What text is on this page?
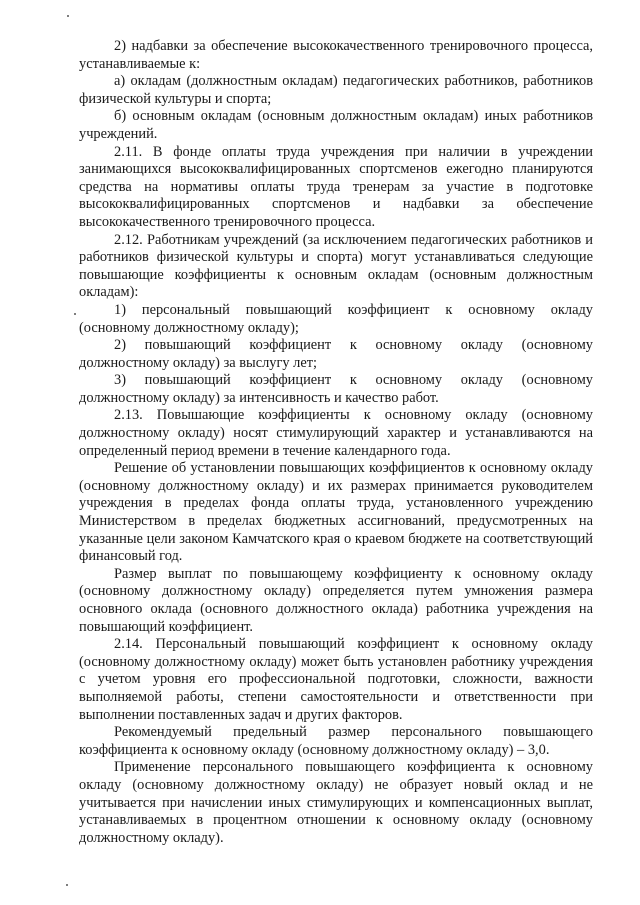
2) надбавки за обеспечение высококачественного тренировочного процесса, устанавливаемые к:

а) окладам (должностным окладам) педагогических работников, работников физической культуры и спорта;

б) основным окладам (основным должностным окладам) иных работников учреждений.

2.11. В фонде оплаты труда учреждения при наличии в учреждении занимающихся высококвалифицированных спортсменов ежегодно планируются средства на нормативы оплаты труда тренерам за участие в подготовке высококвалифицированных спортсменов и надбавки за обеспечение высококачественного тренировочного процесса.

2.12. Работникам учреждений (за исключением педагогических работников и работников физической культуры и спорта) могут устанавливаться следующие повышающие коэффициенты к основным окладам (основным должностным окладам):

1) персональный повышающий коэффициент к основному окладу (основному должностному окладу);

2) повышающий коэффициент к основному окладу (основному должностному окладу) за выслугу лет;

3) повышающий коэффициент к основному окладу (основному должностному окладу) за интенсивность и качество работ.

2.13. Повышающие коэффициенты к основному окладу (основному должностному окладу) носят стимулирующий характер и устанавливаются на определенный период времени в течение календарного года.

Решение об установлении повышающих коэффициентов к основному окладу (основному должностному окладу) и их размерах принимается руководителем учреждения в пределах фонда оплаты труда, установленного учреждению Министерством в пределах бюджетных ассигнований, предусмотренных на указанные цели законом Камчатского края о краевом бюджете на соответствующий финансовый год.

Размер выплат по повышающему коэффициенту к основному окладу (основному должностному окладу) определяется путем умножения размера основного оклада (основного должностного оклада) работника учреждения на повышающий коэффициент.

2.14. Персональный повышающий коэффициент к основному окладу (основному должностному окладу) может быть установлен работнику учреждения с учетом уровня его профессиональной подготовки, сложности, важности выполняемой работы, степени самостоятельности и ответственности при выполнении поставленных задач и других факторов.

Рекомендуемый предельный размер персонального повышающего коэффициента к основному окладу (основному должностному окладу) – 3,0.

Применение персонального повышающего коэффициента к основному окладу (основному должностному окладу) не образует новый оклад и не учитывается при начислении иных стимулирующих и компенсационных выплат, устанавливаемых в процентном отношении к основному окладу (основному должностному окладу).
